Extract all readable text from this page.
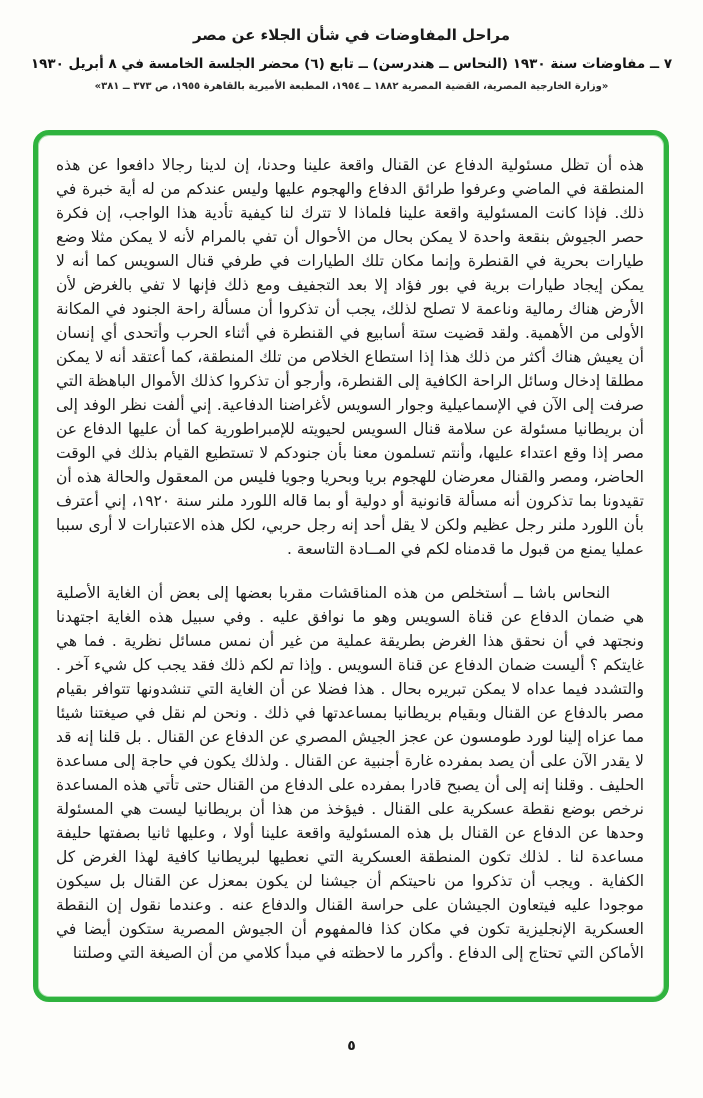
مراحل المفاوضات في شأن الجلاء عن مصر
٧ ــ مفاوضات سنة ١٩٣٠ (النحاس ــ هندرسن) ــ تابع (٦) محضر الجلسة الخامسة في ٨ أبريل ١٩٣٠
«وزارة الخارجية المصرية، القضية المصرية ١٨٨٢ ــ ١٩٥٤، المطبعة الأميرية بالقاهرة ١٩٥٥، ص ٣٧٣ ــ ٣٨١»

هذه أن تظل مسئولية الدفاع عن القنال واقعة علينا وحدنا، إن لدينا رجالا دافعوا عن هذه المنطقة في الماضي وعرفوا طرائق الدفاع والهجوم عليها وليس عندكم من له أية خبرة في ذلك. فإذا كانت المسئولية واقعة علينا فلماذا لا تترك لنا كيفية تأدية هذا الواجب، إن فكرة حصر الجيوش بنقعة واحدة لا يمكن بحال من الأحوال أن تفي بالمرام لأنه لا يمكن مثلا وضع طيارات بحرية في القنطرة وإنما مكان تلك الطيارات في طرفي قنال السويس كما أنه لا يمكن إيجاد طيارات برية في بور فؤاد إلا بعد التجفيف ومع ذلك فإنها لا تفي بالغرض لأن الأرض هناك رمالية وناعمة لا تصلح لذلك، يجب أن تذكروا أن مسألة راحة الجنود في المكانة الأولى من الأهمية. ولقد قضيت ستة أسابيع في القنطرة في أثناء الحرب وأتحدى أي إنسان أن يعيش هناك أكثر من ذلك هذا إذا استطاع الخلاص من تلك المنطقة، كما أعتقد أنه لا يمكن مطلقا إدخال وسائل الراحة الكافية إلى القنطرة، وأرجو أن تذكروا كذلك الأموال الباهظة التي صرفت إلى الآن في الإسماعيلية وجوار السويس لأغراضنا الدفاعية. إني ألفت نظر الوفد إلى أن بريطانيا مسئولة عن سلامة قنال السويس لحيويته للإمبراطورية كما أن عليها الدفاع عن مصر إذا وقع اعتداء عليها، وأنتم تسلمون معنا بأن جنودكم لا تستطيع القيام بذلك في الوقت الحاضر، ومصر والقنال معرضان للهجوم بريا وبحريا وجويا فليس من المعقول والحالة هذه أن تقيدونا بما تذكرون أنه مسألة قانونية أو دولية أو بما قاله اللورد ملنر سنة ١٩٢٠، إني أعترف بأن اللورد ملنر رجل عظيم ولكن لا يقل أحد إنه رجل حربي، لكل هذه الاعتبارات لا أرى سببا عمليا يمنع من قبول ما قدمناه لكم في المــادة التاسعة .

النحاس باشا ــ أستخلص من هذه المناقشات مقربا بعضها إلى بعض أن الغاية الأصلية هي ضمان الدفاع عن قناة السويس وهو ما نوافق عليه . وفي سبيل هذه الغاية اجتهدنا ونجتهد في أن نحقق هذا الغرض بطريقة عملية من غير أن نمس مسائل نظرية . فما هي غايتكم ؟ أليست ضمان الدفاع عن قناة السويس . وإذا تم لكم ذلك فقد يجب كل شيء آخر . والتشدد فيما عداه لا يمكن تبريره بحال . هذا فضلا عن أن الغاية التي تنشدونها تتوافر بقيام مصر بالدفاع عن القنال وبقيام بريطانيا بمساعدتها في ذلك . ونحن لم نقل في صيغتنا شيئا مما عزاه إلينا لورد طومسون عن عجز الجيش المصري عن الدفاع عن القنال . بل قلنا إنه قد لا يقدر الآن على أن يصد بمفرده غارة أجنبية عن القنال . ولذلك يكون في حاجة إلى مساعدة الحليف . وقلنا إنه إلى أن يصبح قادرا بمفرده على الدفاع من القنال حتى تأتي هذه المساعدة نرخص بوضع نقطة عسكرية على القنال . فيؤخذ من هذا أن بريطانيا ليست هي المسئولة وحدها عن الدفاع عن القنال بل هذه المسئولية واقعة علينا أولا ، وعليها ثانيا بصفتها حليفة مساعدة لنا . لذلك تكون المنطقة العسكرية التي نعطيها لبريطانيا كافية لهذا الغرض كل الكفاية . ويجب أن تذكروا من ناحيتكم أن جيشنا لن يكون بمعزل عن القنال بل سيكون موجودا عليه فيتعاون الجيشان على حراسة القنال والدفاع عنه . وعندما نقول إن النقطة العسكرية الإنجليزية تكون في مكان كذا فالمفهوم أن الجيوش المصرية ستكون أيضا في الأماكن التي تحتاج إلى الدفاع . وأكرر ما لاحظته في مبدأ كلامي من أن الصيغة التي وصلتنا

٥
